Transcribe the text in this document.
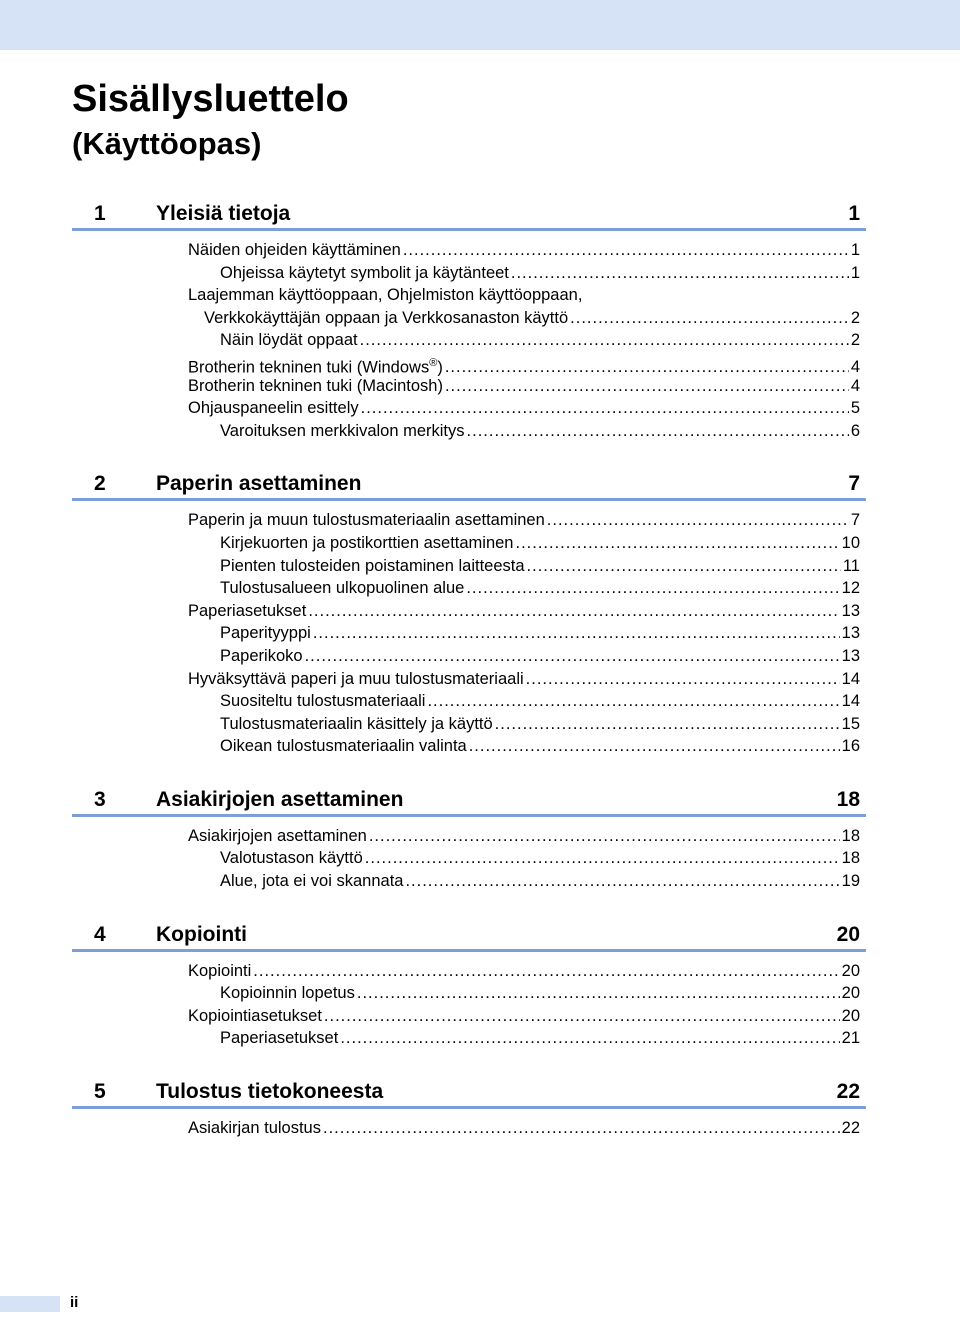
Sisällysluettelo
(Käyttöopas)
1	Yleisiä tietoja	1
Näiden ohjeiden käyttäminen .....	1
Ohjeissa käytetyt symbolit ja käytänteet .....	1
Laajemman käyttöoppaan, Ohjelmiston käyttöoppaan,
Verkkokäyttäjän oppaan ja Verkkosanaston käyttö .....	2
Näin löydät oppaat .....	2
Brotherin tekninen tuki (Windows®) .....	4
Brotherin tekninen tuki (Macintosh) .....	4
Ohjauspaneelin esittely .....	5
Varoituksen merkkivalon merkitys .....	6
2	Paperin asettaminen	7
Paperin ja muun tulostusmateriaalin asettaminen .....	7
Kirjekuorten ja postikorttien asettaminen .....	10
Pienten tulosteiden poistaminen laitteesta .....	11
Tulostusalueen ulkopuolinen alue .....	12
Paperiasetukset .....	13
Paperityyppi .....	13
Paperikoko .....	13
Hyväksyttävä paperi ja muu tulostusmateriaali .....	14
Suositeltu tulostusmateriaali .....	14
Tulostusmateriaalin käsittely ja käyttö .....	15
Oikean tulostusmateriaalin valinta .....	16
3	Asiakirjojen asettaminen	18
Asiakirjojen asettaminen .....	18
Valotustason käyttö .....	18
Alue, jota ei voi skannata .....	19
4	Kopiointi	20
Kopiointi .....	20
Kopioinnin lopetus .....	20
Kopiointiasetukset .....	20
Paperiasetukset .....	21
5	Tulostus tietokoneesta	22
Asiakirjan tulostus .....	22
ii
